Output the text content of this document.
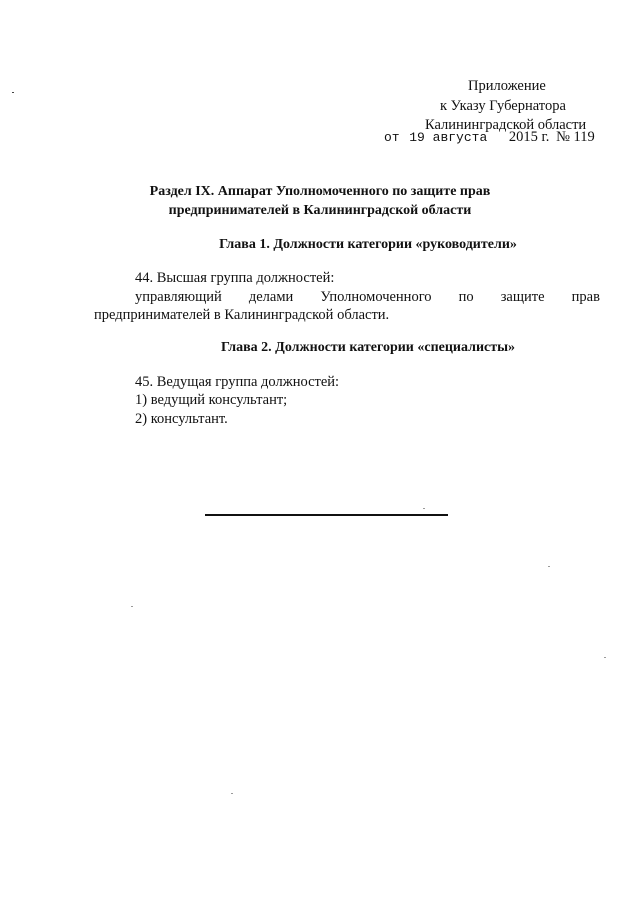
Приложение
к Указу Губернатора
Калининградской области
от 19 августа 2015 г. № 119
Раздел IX. Аппарат Уполномоченного по защите прав
предпринимателей в Калининградской области
Глава 1. Должности категории «руководители»
44. Высшая группа должностей:
управляющий делами Уполномоченного по защите прав
предпринимателей в Калининградской области.
Глава 2. Должности категории «специалисты»
45. Ведущая группа должностей:
1) ведущий консультант;
2) консультант.
